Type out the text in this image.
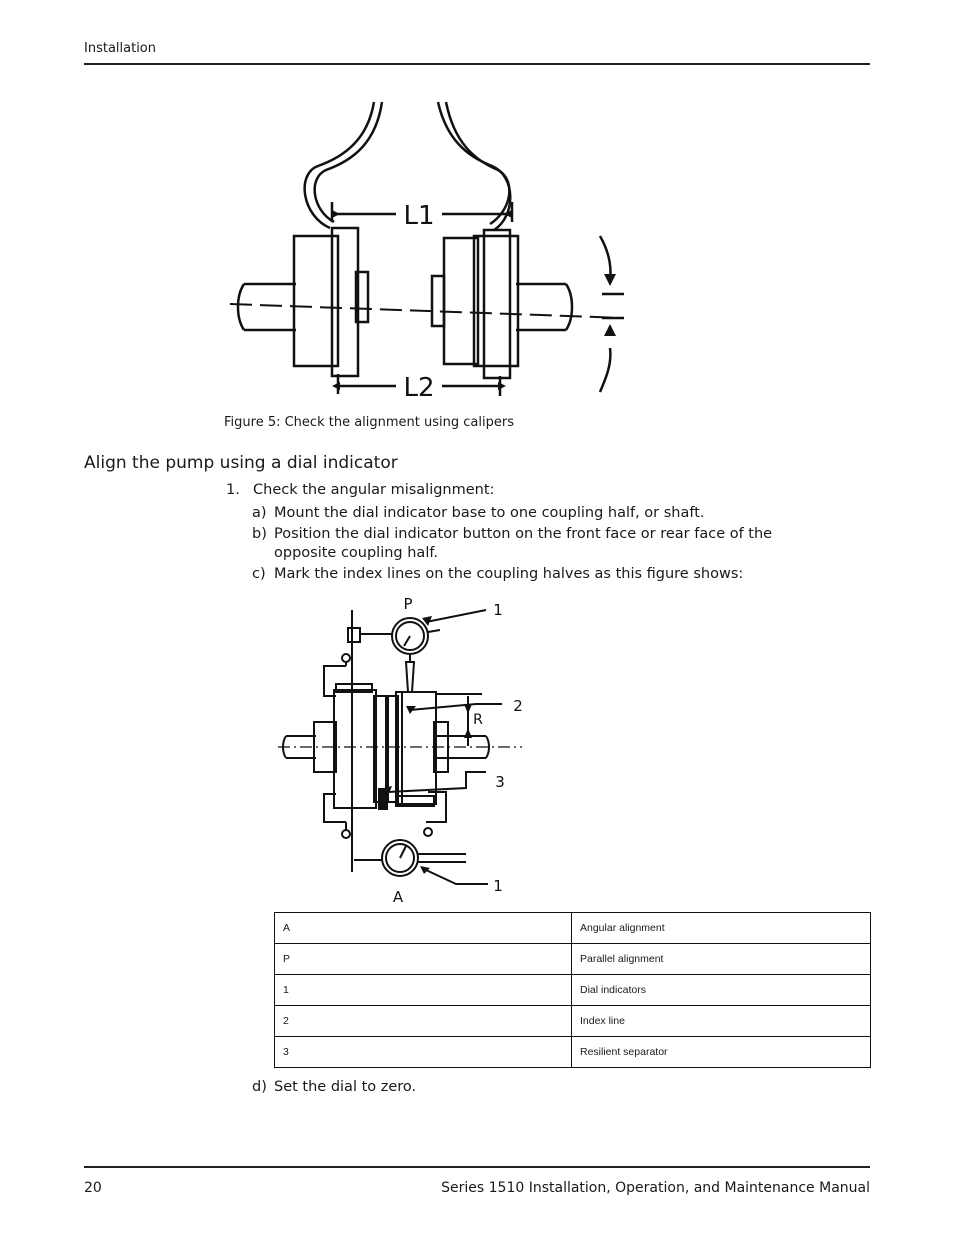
Installation
L1
L2
Figure 5: Check the alignment using calipers
Align the pump using a dial indicator
1. Check the angular misalignment:
a) Mount the dial indicator base to one coupling half, or shaft.
b) Position the dial indicator button on the front face or rear face of the opposite coupling half.
c) Mark the index lines on the coupling halves as this figure shows:
P
A
R
1
2
3
1
A	Angular alignment
P	Parallel alignment
1	Dial indicators
2	Index line
3	Resilient separator
d) Set the dial to zero.
20	Series 1510 Installation, Operation, and Maintenance Manual
